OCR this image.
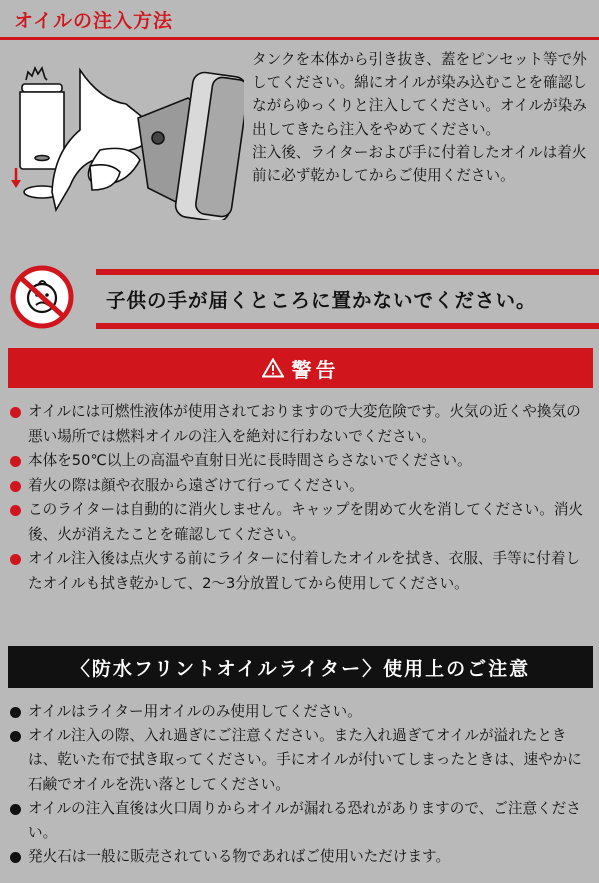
オイルの注入方法

タンクを本体から引き抜き、蓋をピンセット等で外してください。綿にオイルが染み込むことを確認しながらゆっくりと注入してください。オイルが染み出してきたら注入をやめてください。

注入後、ライターおよび手に付着したオイルは着火前に必ず乾かしてからご使用ください。

子供の手が届くところに置かないでください。
警告
オイルには可燃性液体が使用されておりますので大変危険です。火気の近くや換気の悪い場所では燃料オイルの注入を絶対に行わないでください。
本体を50℃以上の高温や直射日光に長時間さらさないでください。
着火の際は顔や衣服から遠ざけて行ってください。
このライターは自動的に消火しません。キャップを閉めて火を消してください。消火後、火が消えたことを確認してください。
オイル注入後は点火する前にライターに付着したオイルを拭き、衣服、手等に付着したオイルも拭き乾かして、2～3分放置してから使用してください。
〈防水フリントオイルライター〉使用上のご注意
オイルはライター用オイルのみ使用してください。
オイル注入の際、入れ過ぎにご注意ください。また入れ過ぎてオイルが溢れたときは、乾いた布で拭き取ってください。手にオイルが付いてしまったときは、速やかに石鹸でオイルを洗い落としてください。
オイルの注入直後は火口周りからオイルが漏れる恐れがありますので、ご注意ください。
発火石は一般に販売されている物であればご使用いただけます。
